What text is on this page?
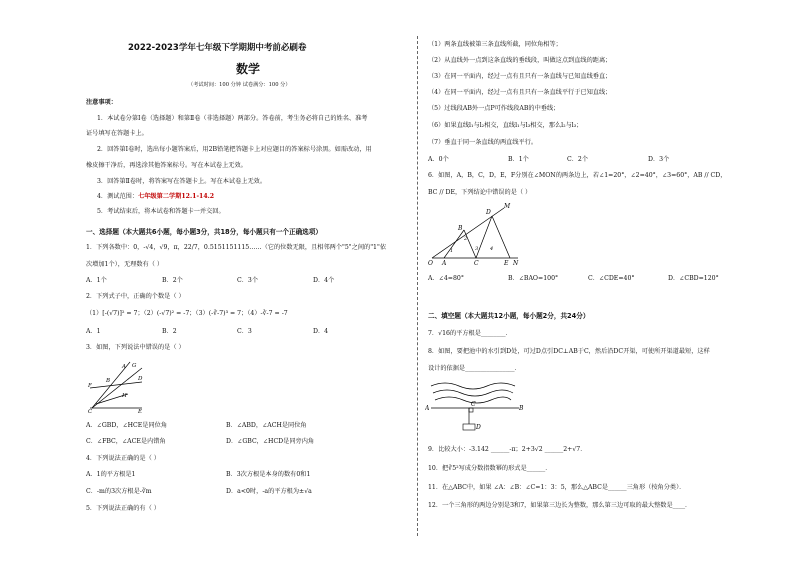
2022-2023学年七年级下学期期中考前必刷卷
数学
（考试时间：100 分钟 试卷满分：100 分）
注意事项：
1．本试卷分第Ⅰ卷（选择题）和第Ⅱ卷（非选择题）两部分。答卷前，考生务必将自己的姓名、准考
证号填写在答题卡上。
2．回答第Ⅰ卷时，选出每小题答案后，用2B铅笔把答题卡上对应题目的答案标号涂黑。如需改动，用
橡皮擦干净后，再选涂其他答案标号。写在本试卷上无效。
3．回答第Ⅱ卷时，将答案写在答题卡上。写在本试卷上无效。
4．测试范围：七年级第二学期12.1-14.2
5．考试结束后，将本试卷和答题卡一并交回。
一、选择题（本大题共6小题，每小题3分，共18分，每小题只有一个正确选项）
1．下列各数中：0，-√4，√9，π，22/7，0.5151151115……（它的位数无限，且相邻两个"5"之间的"1"依
次增加1个），无理数有（ ）
A．1个	B．2个	C．3个	D．4个
2．下列式子中，正确的个数是（ ）
（1）[-(√7)]² = 7；（2）(-√7)² = -7；（3）(-∛-7)³ = 7；（4）-∛-7 = -7
A．1	B．2	C．3	D．4
3．如图，下列说法中错误的是（ ）
A G
B
F
H
C
D
E
A．∠GBD，∠HCE是同位角	B．∠ABD，∠ACH是同位角
C．∠FBC，∠ACE是内错角	D．∠GBC，∠HCD是同旁内角
4．下列说法正确的是（ ）
A．1的平方根是1	B．3次方根是本身的数有0和1
C．-m的3次方根是-∛m	D．a<0时，-a的平方根为±√a
5．下列说法正确的有（ ）
（1）两条直线被第三条直线所截，同位角相等；
（2）从直线外一点到这条直线的垂线段，叫做这点到直线的距离；
（3）在同一平面内，经过一点有且只有一条直线与已知直线垂直；
（4）在同一平面内，经过一点有且只有一条直线平行于已知直线；
（5）过线段AB外一点P可作线段AB的中垂线；
（6）如果直线l₁与l₂相交，直线l₁与l₃相交，那么l₂与l₃；
（7）垂直于同一条直线的两直线平行。
A．0个	B．1个	C．2个	D．3个
6．如图，A，B，C，D，E，F分别在∠MON的两条边上，若∠1=20°，∠2=40°，∠3=60°，AB // CD，
BC // DE，下列结论中错误的是（ ）
D
M
B
1
2
3 4
O A	C	E N
A．∠4=80°	B．∠BAO=100°	C．∠CDE=40°	D．∠CBD=120°
二、填空题（本大题共12小题，每小题2分，共24分）
7．√16的平方根是________．
8．如图，要把池中的水引到D处，可过D点引DC⊥AB于C，然后沿DC开渠，可使所开渠道最短，这样
设计的依据是________________．
A	B
C
D
9．比较大小：-3.142 ______-π；2+3√2 ______2+√7．
10．把∛5²写成分数指数幂的形式是______．
11．在△ABC中，如果 ∠A：∠B：∠C=1：3：5，那么△ABC是______三角形（按角分类）．
12．一个三角形的两边分别是3和7，如果第三边长为整数，那么第三边可取的最大整数是____．
